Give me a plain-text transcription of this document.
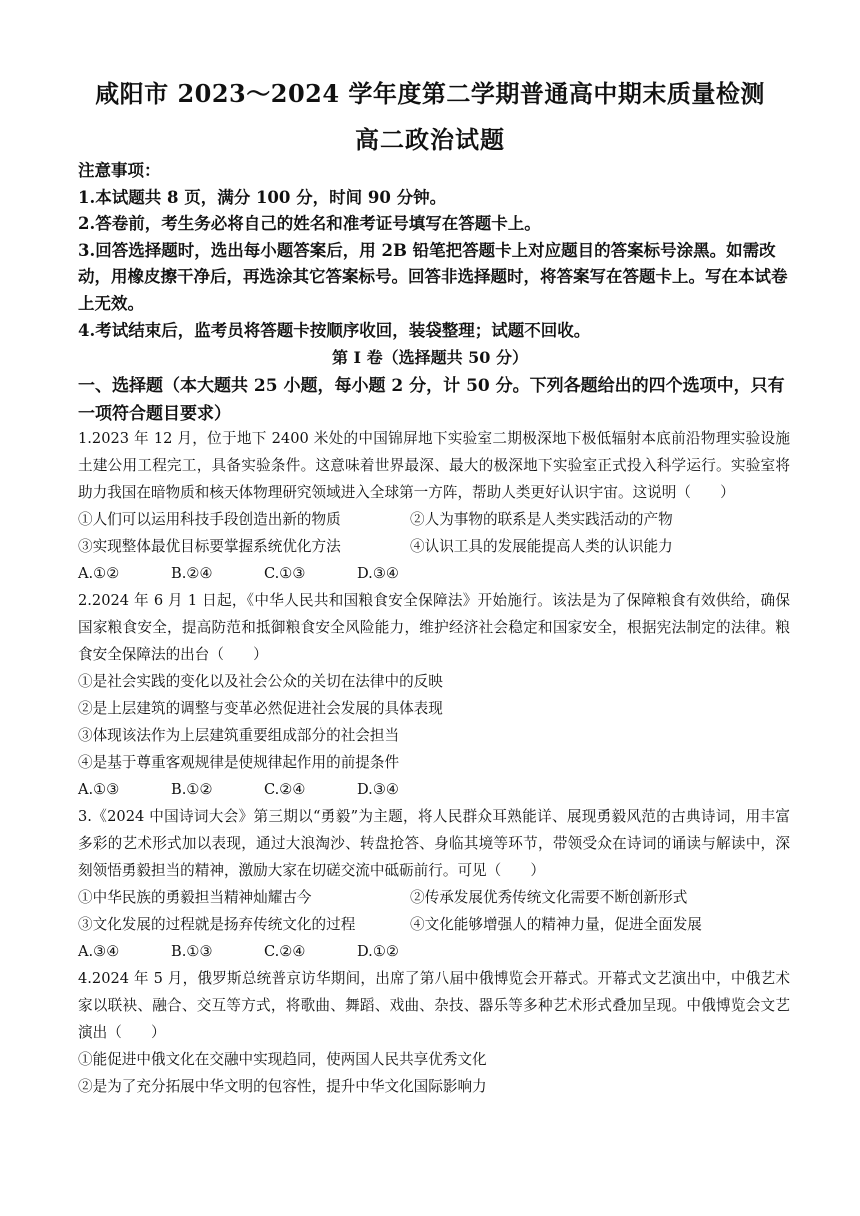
咸阳市 2023～2024 学年度第二学期普通高中期末质量检测
高二政治试题
注意事项：
1.本试题共 8 页，满分 100 分，时间 90 分钟。
2.答卷前，考生务必将自己的姓名和准考证号填写在答题卡上。
3.回答选择题时，选出每小题答案后，用 2B 铅笔把答题卡上对应题目的答案标号涂黑。如需改动，用橡皮擦干净后，再选涂其它答案标号。回答非选择题时，将答案写在答题卡上。写在本试卷上无效。
4.考试结束后，监考员将答题卡按顺序收回，装袋整理；试题不回收。
第 I 卷（选择题共 50 分）
一、选择题（本大题共 25 小题，每小题 2 分，计 50 分。下列各题给出的四个选项中，只有一项符合题目要求）
1.2023 年 12 月，位于地下 2400 米处的中国锦屏地下实验室二期极深地下极低辐射本底前沿物理实验设施土建公用工程完工，具备实验条件。这意味着世界最深、最大的极深地下实验室正式投入科学运行。实验室将助力我国在暗物质和核天体物理研究领域进入全球第一方阵，帮助人类更好认识宇宙。这说明（　　）
①人们可以运用科技手段创造出新的物质	②人为事物的联系是人类实践活动的产物
③实现整体最优目标要掌握系统优化方法	④认识工具的发展能提高人类的认识能力
A.①②	B.②④	C.①③	D.③④
2.2024 年 6 月 1 日起，《中华人民共和国粮食安全保障法》开始施行。该法是为了保障粮食有效供给，确保国家粮食安全，提高防范和抵御粮食安全风险能力，维护经济社会稳定和国家安全，根据宪法制定的法律。粮食安全保障法的出台（　　）
①是社会实践的变化以及社会公众的关切在法律中的反映
②是上层建筑的调整与变革必然促进社会发展的具体表现
③体现该法作为上层建筑重要组成部分的社会担当
④是基于尊重客观规律是使规律起作用的前提条件
A.①③	B.①②	C.②④	D.③④
3.《2024 中国诗词大会》第三期以“勇毅”为主题，将人民群众耳熟能详、展现勇毅风范的古典诗词，用丰富多彩的艺术形式加以表现，通过大浪淘沙、转盘抢答、身临其境等环节，带领受众在诗词的诵读与解读中，深刻领悟勇毅担当的精神，激励大家在切磋交流中砥砺前行。可见（　　）
①中华民族的勇毅担当精神灿耀古今	②传承发展优秀传统文化需要不断创新形式
③文化发展的过程就是扬弃传统文化的过程	④文化能够增强人的精神力量，促进全面发展
A.③④	B.①③	C.②④	D.①②
4.2024 年 5 月，俄罗斯总统普京访华期间，出席了第八届中俄博览会开幕式。开幕式文艺演出中，中俄艺术家以联袂、融合、交互等方式，将歌曲、舞蹈、戏曲、杂技、器乐等多种艺术形式叠加呈现。中俄博览会文艺演出（　　）
①能促进中俄文化在交融中实现趋同，使两国人民共享优秀文化
②是为了充分拓展中华文明的包容性，提升中华文化国际影响力
